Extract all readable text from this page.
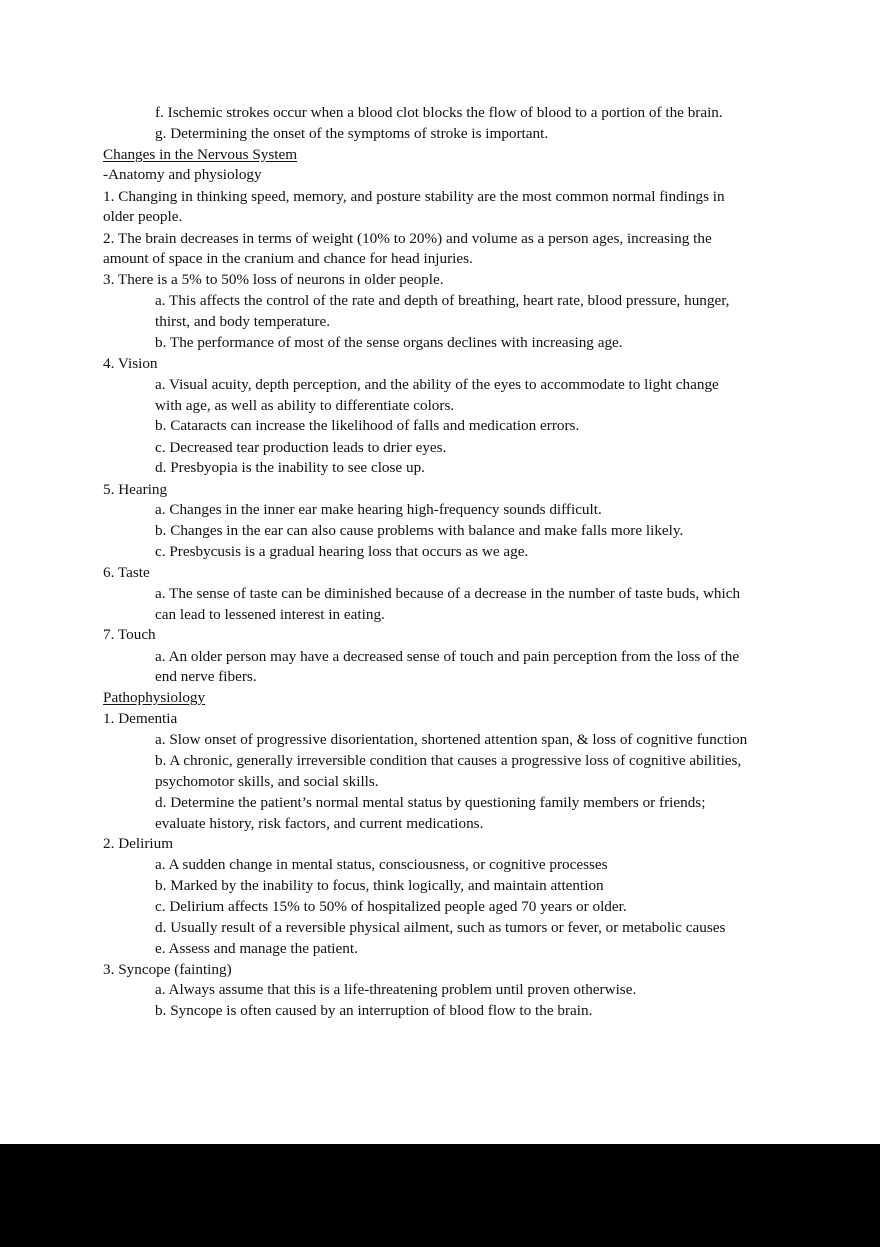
f. Ischemic strokes occur when a blood clot blocks the flow of blood to a portion of the brain.
g. Determining the onset of the symptoms of stroke is important.
Changes in the Nervous System
-Anatomy and physiology
1. Changing in thinking speed, memory, and posture stability are the most common normal findings in
older people.
2. The brain decreases in terms of weight (10% to 20%) and volume as a person ages, increasing the
amount of space in the cranium and chance for head injuries.
3. There is a 5% to 50% loss of neurons in older people.
a. This affects the control of the rate and depth of breathing, heart rate, blood pressure, hunger,
thirst, and body temperature.
b. The performance of most of the sense organs declines with increasing age.
4. Vision
a. Visual acuity, depth perception, and the ability of the eyes to accommodate to light change
with age, as well as ability to differentiate colors.
b. Cataracts can increase the likelihood of falls and medication errors.
c. Decreased tear production leads to drier eyes.
d. Presbyopia is the inability to see close up.
5. Hearing
a. Changes in the inner ear make hearing high-frequency sounds difficult.
b. Changes in the ear can also cause problems with balance and make falls more likely.
c. Presbycusis is a gradual hearing loss that occurs as we age.
6. Taste
a. The sense of taste can be diminished because of a decrease in the number of taste buds, which
can lead to lessened interest in eating.
7. Touch
a. An older person may have a decreased sense of touch and pain perception from the loss of the
end nerve fibers.
Pathophysiology
1. Dementia
a. Slow onset of progressive disorientation, shortened attention span, & loss of cognitive function
b. A chronic, generally irreversible condition that causes a progressive loss of cognitive abilities,
psychomotor skills, and social skills.
d. Determine the patient’s normal mental status by questioning family members or friends;
evaluate history, risk factors, and current medications.
2. Delirium
a. A sudden change in mental status, consciousness, or cognitive processes
b. Marked by the inability to focus, think logically, and maintain attention
c. Delirium affects 15% to 50% of hospitalized people aged 70 years or older.
d. Usually result of a reversible physical ailment, such as tumors or fever, or metabolic causes
e. Assess and manage the patient.
3. Syncope (fainting)
a. Always assume that this is a life-threatening problem until proven otherwise.
b. Syncope is often caused by an interruption of blood flow to the brain.
